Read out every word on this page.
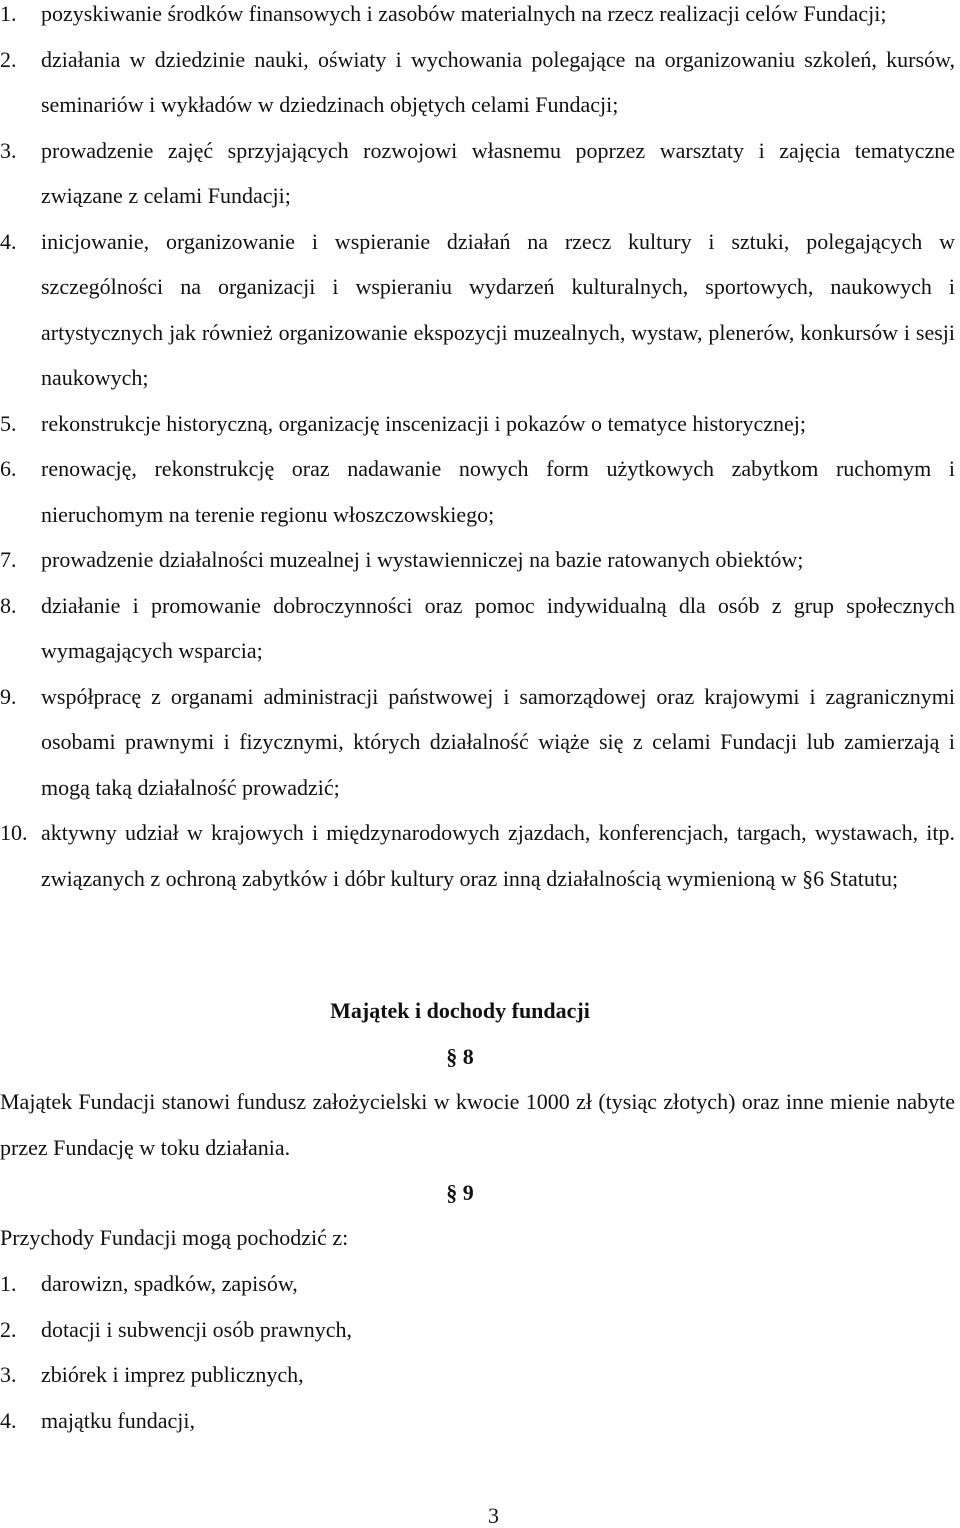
1. pozyskiwanie środków finansowych i zasobów materialnych na rzecz realizacji celów Fundacji;
2. działania w dziedzinie nauki, oświaty i wychowania polegające na organizowaniu szkoleń, kursów, seminariów i wykładów w dziedzinach objętych celami Fundacji;
3. prowadzenie zajęć sprzyjających rozwojowi własnemu poprzez warsztaty i zajęcia tematyczne związane z celami Fundacji;
4. inicjowanie, organizowanie i wspieranie działań na rzecz kultury i sztuki, polegających w szczególności na organizacji i wspieraniu wydarzeń kulturalnych, sportowych, naukowych i artystycznych jak również organizowanie ekspozycji muzealnych, wystaw, plenerów, konkursów i sesji naukowych;
5. rekonstrukcje historyczną, organizację inscenizacji i pokazów o tematyce historycznej;
6. renowację, rekonstrukcję oraz nadawanie nowych form użytkowych zabytkom ruchomym i nieruchomym na terenie regionu włoszczowskiego;
7. prowadzenie działalności muzealnej i wystawienniczej na bazie ratowanych obiektów;
8. działanie i promowanie dobroczynności oraz pomoc indywidualną dla osób z grup społecznych wymagających wsparcia;
9. współpracę z organami administracji państwowej i samorządowej oraz krajowymi i zagranicznymi osobami prawnymi i fizycznymi, których działalność wiąże się z celami Fundacji lub zamierzają i mogą taką działalność prowadzić;
10. aktywny udział w krajowych i międzynarodowych zjazdach, konferencjach, targach, wystawach, itp. związanych z ochroną zabytków i dóbr kultury oraz inną działalnością wymienioną w §6 Statutu;
Majątek i dochody fundacji
§ 8
Majątek Fundacji stanowi fundusz założycielski w kwocie 1000 zł (tysiąc złotych) oraz inne mienie nabyte przez Fundację w toku działania.
§ 9
Przychody Fundacji mogą pochodzić z:
1. darowizn, spadków, zapisów,
2. dotacji i subwencji osób prawnych,
3. zbiórek i imprez publicznych,
4. majątku fundacji,
3
